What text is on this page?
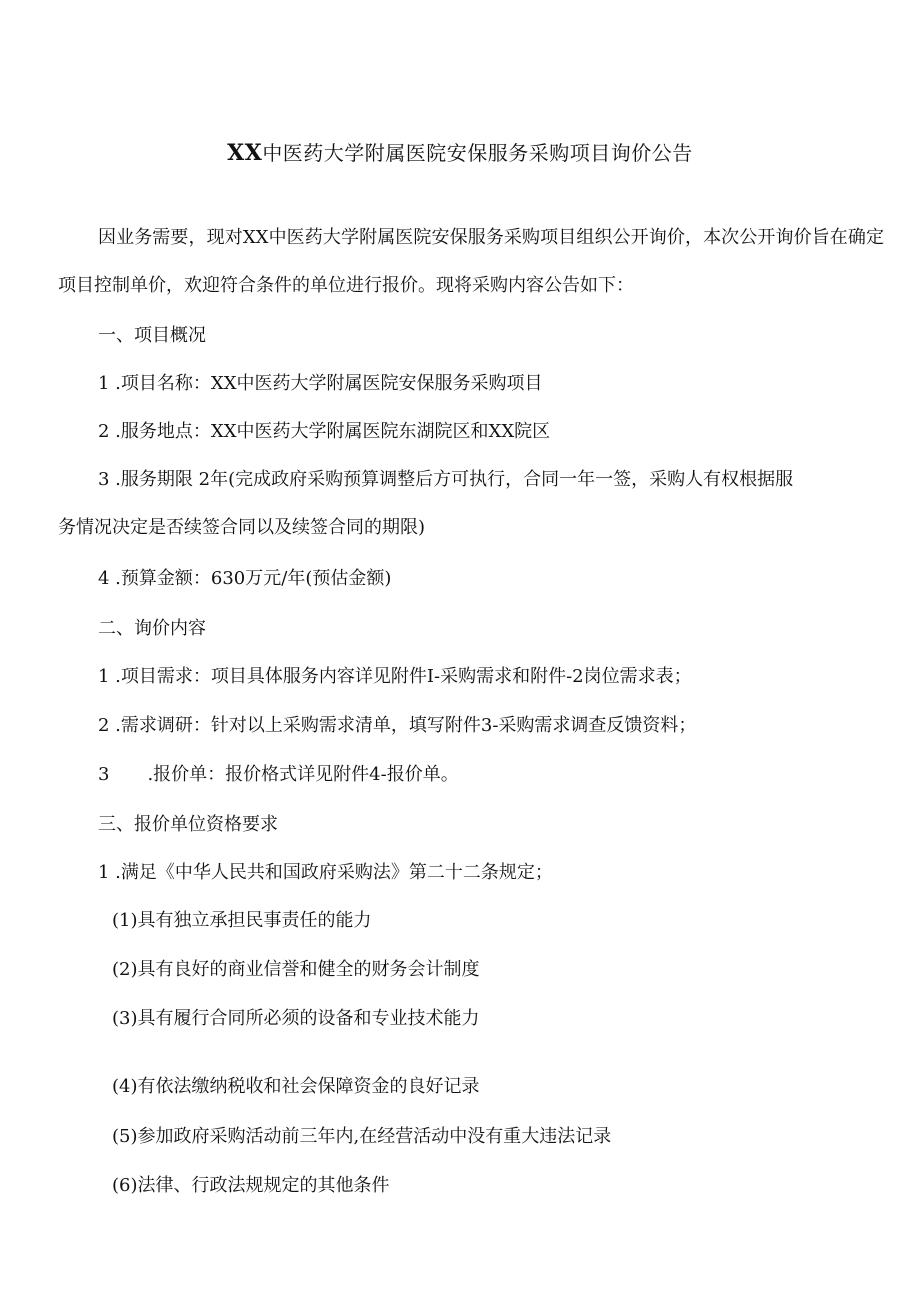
XX中医药大学附属医院安保服务采购项目询价公告
因业务需要，现对XX中医药大学附属医院安保服务采购项目组织公开询价，本次公开询价旨在确定项目控制单价，欢迎符合条件的单位进行报价。现将采购内容公告如下：
一、项目概况
1 .项目名称：XX中医药大学附属医院安保服务采购项目
2 .服务地点：XX中医药大学附属医院东湖院区和XX院区
3 .服务期限 2年(完成政府采购预算调整后方可执行，合同一年一签，采购人有权根据服
务情况决定是否续签合同以及续签合同的期限)
4 .预算金额：630万元/年(预估金额)
二、询价内容
1 .项目需求：项目具体服务内容详见附件I-采购需求和附件-2岗位需求表；
2 .需求调研：针对以上采购需求清单，填写附件3-采购需求调查反馈资料；
3 .报价单：报价格式详见附件4-报价单。
三、报价单位资格要求
1 .满足《中华人民共和国政府采购法》第二十二条规定；
(1)具有独立承担民事责任的能力
(2)具有良好的商业信誉和健全的财务会计制度
(3)具有履行合同所必须的设备和专业技术能力
(4)有依法缴纳税收和社会保障资金的良好记录
(5)参加政府采购活动前三年内,在经营活动中没有重大违法记录
(6)法律、行政法规规定的其他条件
